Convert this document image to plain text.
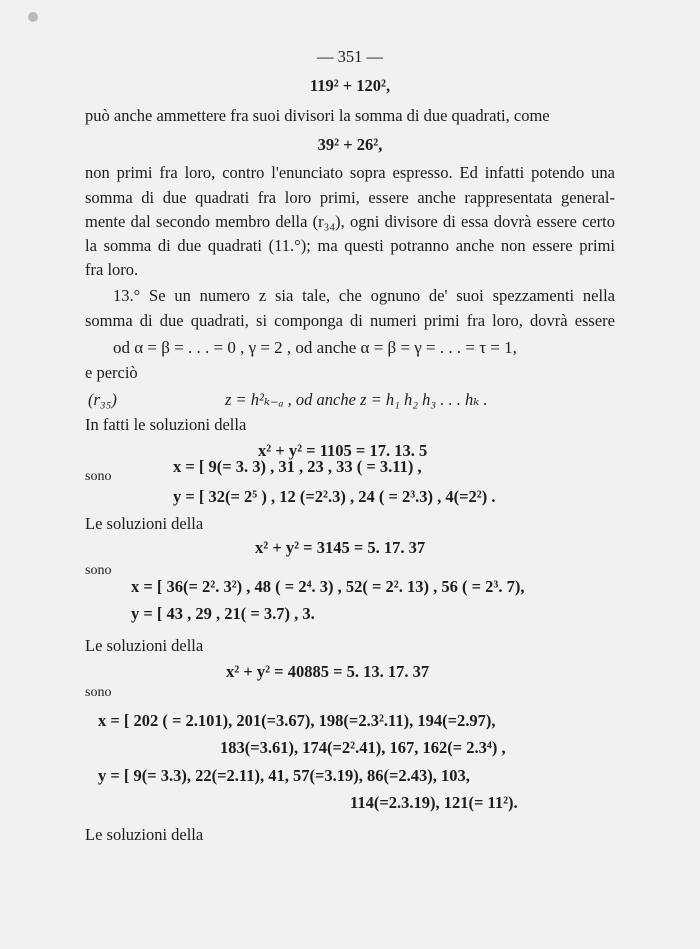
— 351 —
119² + 120²,
può anche ammettere fra suoi divisori la somma di due quadrati, come
39² + 26²,
non primi fra loro, contro l'enunciato sopra espresso. Ed infatti potendo una
somma di due quadrati fra loro primi, essere anche rappresentata general-
mente dal secondo membro della (r₃₄), ogni divisore di essa dovrà essere certo
la somma di due quadrati (11.°); ma questi potranno anche non essere primi
fra loro.
13.° Se un numero z sia tale, che ognuno de' suoi spezzamenti nella
somma di due quadrati, si componga di numeri primi fra loro, dovrà essere
od α = β = . . . = 0 , γ = 2 , od anche α = β = γ = . . . = τ = 1,
e perciò
(r₃₅)	z = h²ₖ₋ₐ , od anche z = h₁ h₂ h₃ . . . hₖ .
In fatti le soluzioni della
x² + y² = 1105 = 17. 13. 5
sono
x = [ 9(= 3. 3) , 31 , 23 , 33 ( = 3.11) ,
y = [ 32(= 2⁵ ) , 12 (=2².3) , 24 ( = 2³.3) , 4(=2²) .
Le soluzioni della
x² + y² = 3145 = 5. 17. 37
sono
x = [ 36(= 2². 3²) , 48 ( = 2⁴. 3) , 52( = 2². 13) , 56 ( = 2³. 7),
y = [ 43 , 29 , 21( = 3.7) , 3.
Le soluzioni della
x² + y² = 40885 = 5. 13. 17. 37
sono
x = [ 202 ( = 2.101), 201(=3.67), 198(=2.3².11), 194(=2.97),
183(=3.61), 174(=2².41), 167, 162(= 2.3⁴) ,
y = [ 9(= 3.3), 22(=2.11), 41, 57(=3.19), 86(=2.43), 103,
114(=2.3.19), 121(= 11²).
Le soluzioni della
